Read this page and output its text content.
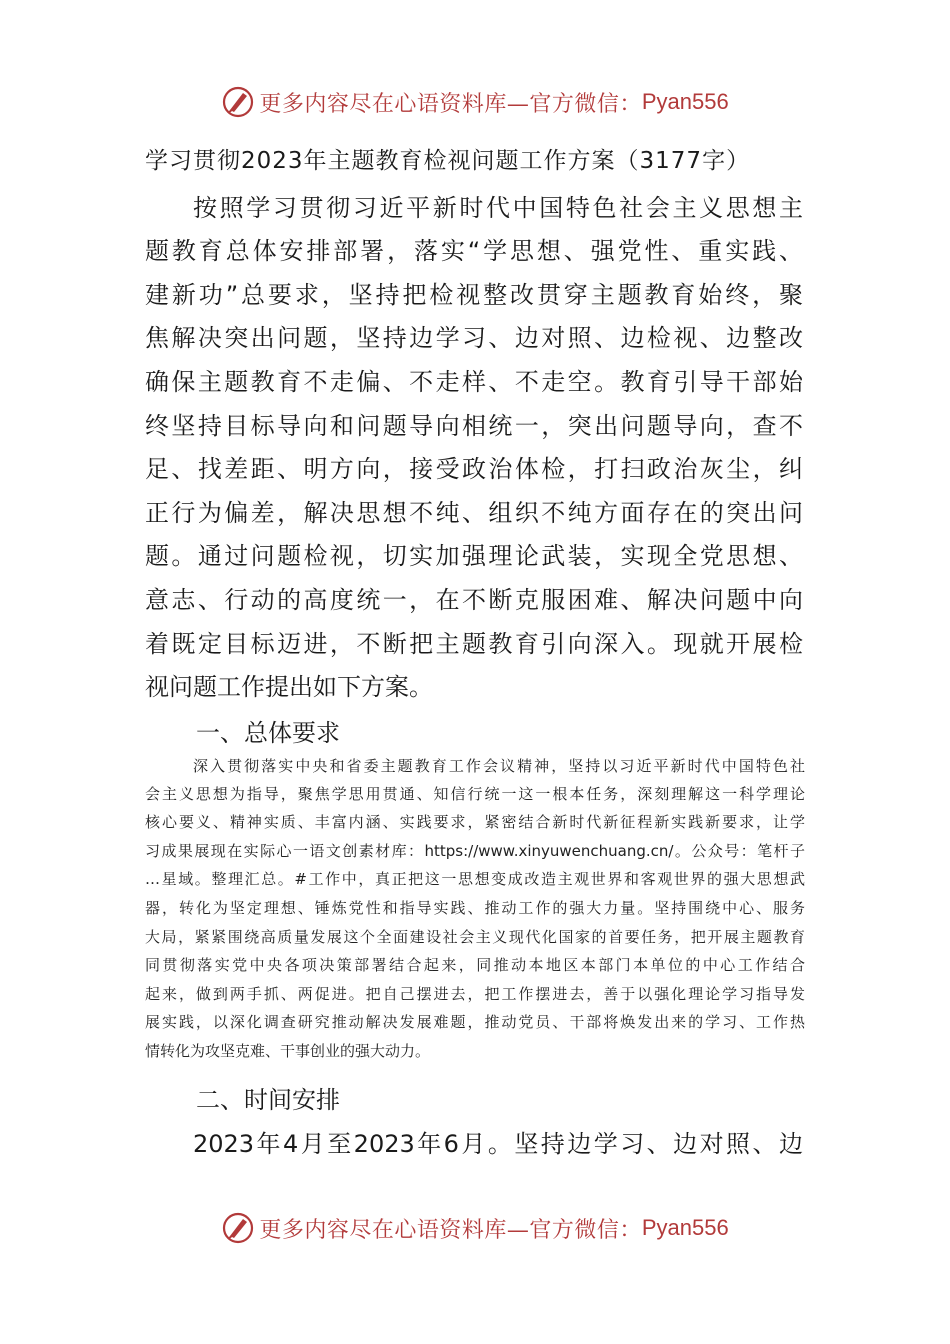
更多内容尽在心语资料库—官方微信： Pyan556
学习贯彻2023年主题教育检视问题工作方案（3177字）
按照学习贯彻习近平新时代中国特色社会主义思想主
题教育总体安排部署，落实“学思想、强党性、重实践、
建新功”总要求，坚持把检视整改贯穿主题教育始终，聚
焦解决突出问题，坚持边学习、边对照、边检视、边整改
确保主题教育不走偏、不走样、不走空。教育引导干部始
终坚持目标导向和问题导向相统一，突出问题导向，查不
足、找差距、明方向，接受政治体检，打扫政治灰尘，纠
正行为偏差，解决思想不纯、组织不纯方面存在的突出问
题。通过问题检视，切实加强理论武装，实现全党思想、
意志、行动的高度统一，在不断克服困难、解决问题中向
着既定目标迈进，不断把主题教育引向深入。现就开展检
视问题工作提出如下方案。
一、总体要求
深入贯彻落实中央和省委主题教育工作会议精神，坚持以习近平新时代中国特色社
会主义思想为指导，聚焦学思用贯通、知信行统一这一根本任务，深刻理解这一科学理论
核心要义、精神实质、丰富内涵、实践要求，紧密结合新时代新征程新实践新要求，让学
习成果展现在实际心一语文创素材库：https://www.xinyuwenchuang.cn/。公众号：笔杆子
…星域。整理汇总。#工作中，真正把这一思想变成改造主观世界和客观世界的强大思想武
器，转化为坚定理想、锤炼党性和指导实践、推动工作的强大力量。坚持围绕中心、服务
大局，紧紧围绕高质量发展这个全面建设社会主义现代化国家的首要任务，把开展主题教育
同贯彻落实党中央各项决策部署结合起来，同推动本地区本部门本单位的中心工作结合
起来，做到两手抓、两促进。把自己摆进去，把工作摆进去，善于以强化理论学习指导发
展实践，以深化调查研究推动解决发展难题，推动党员、干部将焕发出来的学习、工作热
情转化为攻坚克难、干事创业的强大动力。
二、时间安排
2023年4月至2023年6月。坚持边学习、边对照、边
更多内容尽在心语资料库—官方微信： Pyan556
